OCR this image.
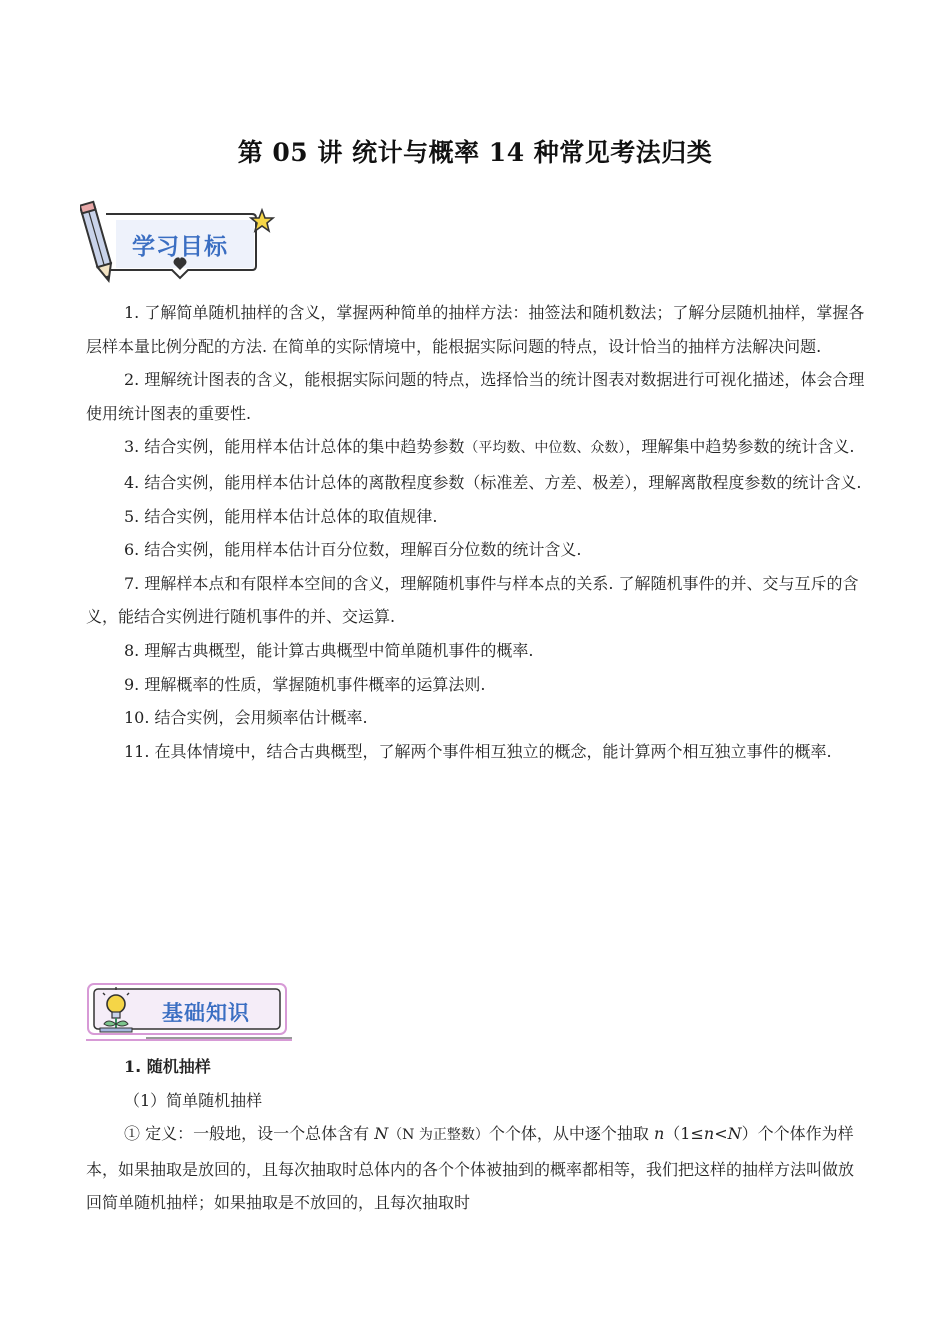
第 05 讲 统计与概率 14 种常见考法归类
学习目标

1. 了解简单随机抽样的含义，掌握两种简单的抽样方法：抽签法和随机数法；了解分层随机抽样，掌握各层样本量比例分配的方法. 在简单的实际情境中，能根据实际问题的特点，设计恰当的抽样方法解决问题.

2. 理解统计图表的含义，能根据实际问题的特点，选择恰当的统计图表对数据进行可视化描述，体会合理使用统计图表的重要性.

3. 结合实例，能用样本估计总体的集中趋势参数（平均数、中位数、众数），理解集中趋势参数的统计含义.

4. 结合实例，能用样本估计总体的离散程度参数（标准差、方差、极差），理解离散程度参数的统计含义.

5. 结合实例，能用样本估计总体的取值规律.

6. 结合实例，能用样本估计百分位数，理解百分位数的统计含义.

7. 理解样本点和有限样本空间的含义，理解随机事件与样本点的关系. 了解随机事件的并、交与互斥的含义，能结合实例进行随机事件的并、交运算.

8. 理解古典概型，能计算古典概型中简单随机事件的概率.

9. 理解概率的性质，掌握随机事件概率的运算法则.

10. 结合实例，会用频率估计概率.

11. 在具体情境中，结合古典概型，了解两个事件相互独立的概念，能计算两个相互独立事件的概率.

基础知识

1. 随机抽样

（1）简单随机抽样

① 定义：一般地，设一个总体含有 N（N 为正整数）个个体，从中逐个抽取 n（1≤n<N）个个体作为样本，如果抽取是放回的，且每次抽取时总体内的各个个体被抽到的概率都相等，我们把这样的抽样方法叫做放回简单随机抽样；如果抽取是不放回的，且每次抽取时
